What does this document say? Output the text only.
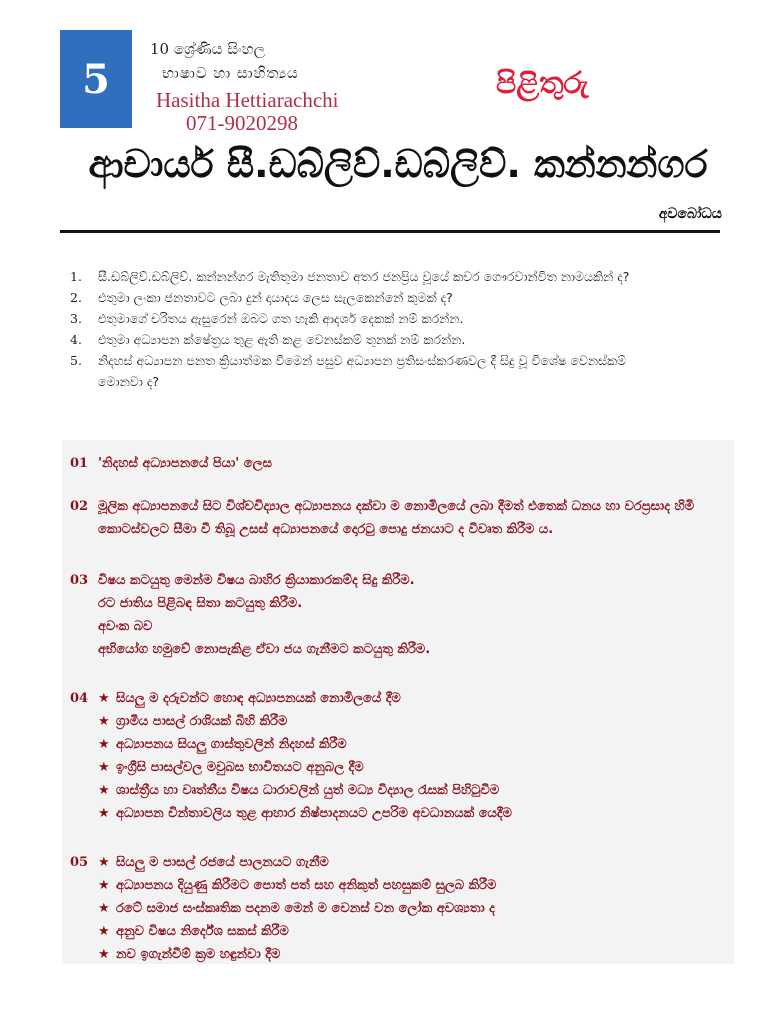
5
10 ශ්‍රේණිය සිංහල
භාෂාව හා සාහිත්‍යය
Hasitha Hettiarachchi
071-9020298
පිළිතුරු
ආචාර්ය සී.ඩබ්ලිව්.ඩබ්ලිව්. කන්නන්ගර
අවබෝධය
1.	සී.ඩබ්ලිව්.ඩබ්ලිව්. කන්නන්ගර මැතිතුමා ජනතාව අතර ජනප්‍රිය වූයේ කවර ගෞරවාන්විත නාමයකින් ද?
2.	එතුමා ලංකා ජනතාවට ලබා දුන් දායාදය ලෙස සැලකෙන්නේ කුමක් ද?
3.	එතුමාගේ චරිතය ඇසුරෙන් ඔබට ගත හැකි ආදර්ශ දෙකක් නම් කරන්න.
4.	එතුමා අධ්‍යාපන ක්ෂේත්‍රය තුළ ඇති කළ වෙනස්කම් තුනක් නම් කරන්න.
5.	නිදහස් අධ්‍යාපන පනත ක්‍රියාත්මක වීමෙන් පසුව අධ්‍යාපන ප්‍රතිසංස්කරණවල දී සිදු වූ විශේෂ වෙනස්කම් මොනවා ද?
01 'නිදහස් අධ්‍යාපනයේ පියා' ලෙස

02 මූලික අධ්‍යාපනයේ සිට විශ්වවිද්‍යාල අධ්‍යාපනය දක්වා ම නොමිලයේ ලබා දීමත් එතෙක් ධනය හා වරප්‍රසාද හිමි කොටස්වලට සීමා වී තිබූ උසස් අධ්‍යාපනයේ දොරටු පොදු ජනයාට ද විවෘත කිරීම ය.

03 විෂය කටයුතු මෙන්ම විෂය බාහිර ක්‍රියාකාරකම්ද සිදු කිරීම.

රට ජාතිය පිළිබඳ සිතා කටයුතු කිරීම.

අවංක බව

අභියෝග හමුවේ නොපැකිළ ඒවා ජය ගැනීමට කටයුතු කිරීම.

04 ★ සියලු ම දරුවන්ට හොඳ අධ්‍යාපනයක් නොමිලයේ දීම
★ ග්‍රාමීය පාසල් රාශියක් බිහි කිරීම
★ අධ්‍යාපනය සියලු ගාස්තුවලින් නිදහස් කිරීම
★ ඉංග්‍රීසි පාසල්වල මවුබස භාවිතයට අනුබල දීම
★ ශාස්ත්‍රීය හා වෘත්තීය විෂය ධාරාවලින් යුත් මධ්‍ය විද්‍යාල රැසක් පිහිටුවීම
★ අධ්‍යාපන චින්තාවලිය තුළ ආහාර නිෂ්පාදනයට උපරිම අවධානයක් යෙදීම
05 ★ සියලු ම පාසල් රජයේ පාලනයට ගැනීම
★ අධ්‍යාපනය දියුණු කිරීමට පොත් පත් සහ අනිකුත් පහසුකම් සුලබ කිරීම
★ රටේ සමාජ සංස්කෘතික පදනම මෙන් ම වෙනස් වන ලෝක අවශ්‍යතා ද
★ අනුව විෂය නිර්දේශ සකස් කිරීම
★ නව ඉගැන්වීම් ක්‍රම හඳුන්වා දීම
